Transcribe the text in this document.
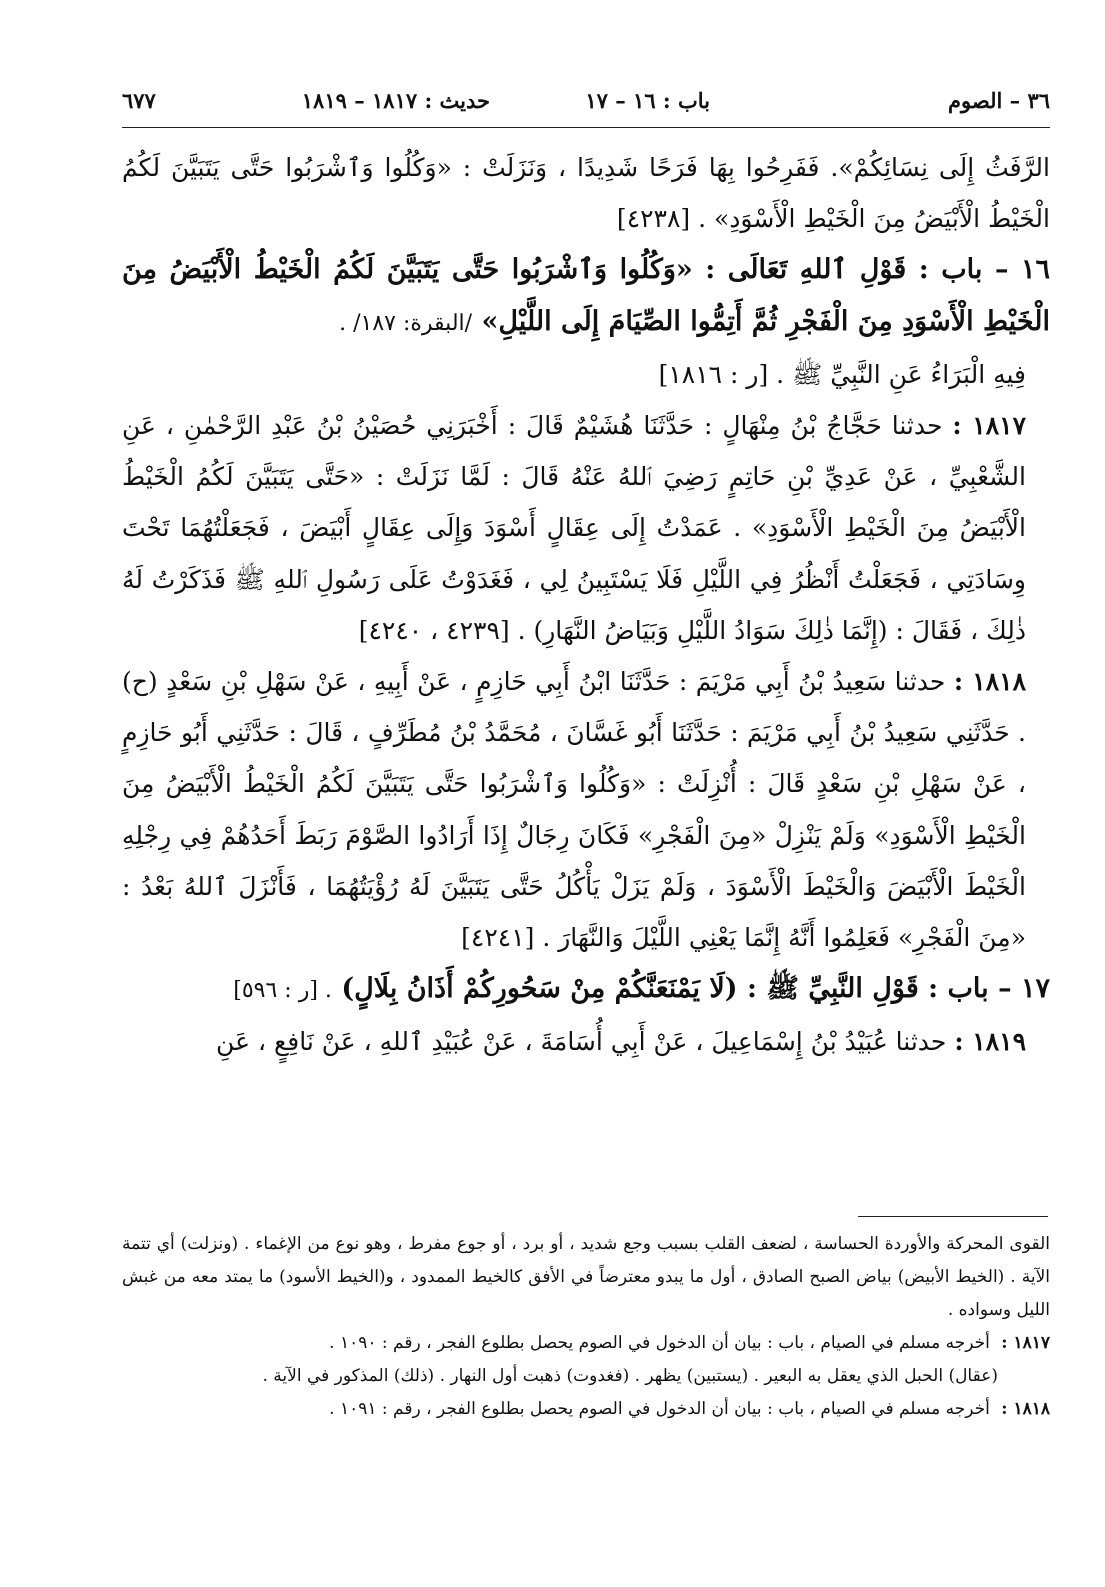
٣٦ – الصوم
باب : ١٦ – ١٧
حديث : ١٨١٧ – ١٨١٩
٦٧٧

الرَّفَثُ إِلَى نِسَائِكُمْ». فَفَرِحُوا بِهَا فَرَحًا شَدِيدًا ، وَنَزَلَتْ : «وَكُلُوا وَٱشْرَبُوا حَتَّى يَتَبَيَّنَ لَكُمُ الْخَيْطُ الْأَبْيَضُ مِنَ الْخَيْطِ الْأَسْوَدِ» . [٤٢٣٨]

١٦ – باب : قَوْلِ ٱللهِ تَعَالَى : «وَكُلُوا وَٱشْرَبُوا حَتَّى يَتَبَيَّنَ لَكُمُ الْخَيْطُ الْأَبْيَضُ مِنَ الْخَيْطِ الْأَسْوَدِ مِنَ الْفَجْرِ ثُمَّ أَتِمُّوا الصِّيَامَ إِلَى اللَّيْلِ» /البقرة: ١٨٧/ .

فِيهِ الْبَرَاءُ عَنِ النَّبِيِّ ﷺ . [ر : ١٨١٦]

١٨١٧ : حدثنا حَجَّاجُ بْنُ مِنْهَالٍ : حَدَّثَنَا هُشَيْمٌ قَالَ : أَخْبَرَنِي حُصَيْنُ بْنُ عَبْدِ الرَّحْمٰنِ ، عَنِ الشَّعْبِيِّ ، عَنْ عَدِيِّ بْنِ حَاتِمٍ رَضِيَ ٱللهُ عَنْهُ قَالَ : لَمَّا نَزَلَتْ : «حَتَّى يَتَبَيَّنَ لَكُمُ الْخَيْطُ الْأَبْيَضُ مِنَ الْخَيْطِ الْأَسْوَدِ» . عَمَدْتُ إِلَى عِقَالٍ أَسْوَدَ وَإِلَى عِقَالٍ أَبْيَضَ ، فَجَعَلْتُهُمَا تَحْتَ وِسَادَتِي ، فَجَعَلْتُ أَنْظُرُ فِي اللَّيْلِ فَلَا يَسْتَبِينُ لِي ، فَغَدَوْتُ عَلَى رَسُولِ ٱللهِ ﷺ فَذَكَرْتُ لَهُ ذٰلِكَ ، فَقَالَ : (إِنَّمَا ذٰلِكَ سَوَادُ اللَّيْلِ وَبَيَاضُ النَّهَارِ) . [٤٢٣٩ ، ٤٢٤٠]

١٨١٨ : حدثنا سَعِيدُ بْنُ أَبِي مَرْيَمَ : حَدَّثَنَا ابْنُ أَبِي حَازِمٍ ، عَنْ أَبِيهِ ، عَنْ سَهْلِ بْنِ سَعْدٍ (ح) . حَدَّثَنِي سَعِيدُ بْنُ أَبِي مَرْيَمَ : حَدَّثَنَا أَبُو غَسَّانَ ، مُحَمَّدُ بْنُ مُطَرِّفٍ ، قَالَ : حَدَّثَنِي أَبُو حَازِمٍ ، عَنْ سَهْلِ بْنِ سَعْدٍ قَالَ : أُنْزِلَتْ : «وَكُلُوا وَٱشْرَبُوا حَتَّى يَتَبَيَّنَ لَكُمُ الْخَيْطُ الْأَبْيَضُ مِنَ الْخَيْطِ الْأَسْوَدِ» وَلَمْ يَنْزِلْ «مِنَ الْفَجْرِ» فَكَانَ رِجَالٌ إِذَا أَرَادُوا الصَّوْمَ رَبَطَ أَحَدُهُمْ فِي رِجْلِهِ الْخَيْطَ الْأَبْيَضَ وَالْخَيْطَ الْأَسْوَدَ ، وَلَمْ يَزَلْ يَأْكُلُ حَتَّى يَتَبَيَّنَ لَهُ رُؤْيَتُهُمَا ، فَأَنْزَلَ ٱللهُ بَعْدُ : «مِنَ الْفَجْرِ» فَعَلِمُوا أَنَّهُ إِنَّمَا يَعْنِي اللَّيْلَ وَالنَّهَارَ . [٤٢٤١]

١٧ – باب : قَوْلِ النَّبِيِّ ﷺ : (لَا يَمْنَعَنَّكُمْ مِنْ سَحُورِكُمْ أَذَانُ بِلَالٍ) . [ر : ٥٩٦]

١٨١٩ : حدثنا عُبَيْدُ بْنُ إِسْمَاعِيلَ ، عَنْ أَبِي أُسَامَةَ ، عَنْ عُبَيْدِ ٱللهِ ، عَنْ نَافِعٍ ، عَنِ

القوى المحركة والأوردة الحساسة ، لضعف القلب بسبب وجع شديد ، أو برد ، أو جوع مفرط ، وهو نوع من الإغماء . (ونزلت) أي تتمة الآية . (الخيط الأبيض) بياض الصبح الصادق ، أول ما يبدو معترضاً في الأفق كالخيط الممدود ، و(الخيط الأسود) ما يمتد معه من غبش الليل وسواده .

١٨١٧ : أخرجه مسلم في الصيام ، باب : بيان أن الدخول في الصوم يحصل بطلوع الفجر ، رقم : ١٠٩٠ .

(عقال) الحبل الذي يعقل به البعير . (يستبين) يظهر . (فغدوت) ذهبت أول النهار . (ذلك) المذكور في الآية .

١٨١٨ : أخرجه مسلم في الصيام ، باب : بيان أن الدخول في الصوم يحصل بطلوع الفجر ، رقم : ١٠٩١ .
